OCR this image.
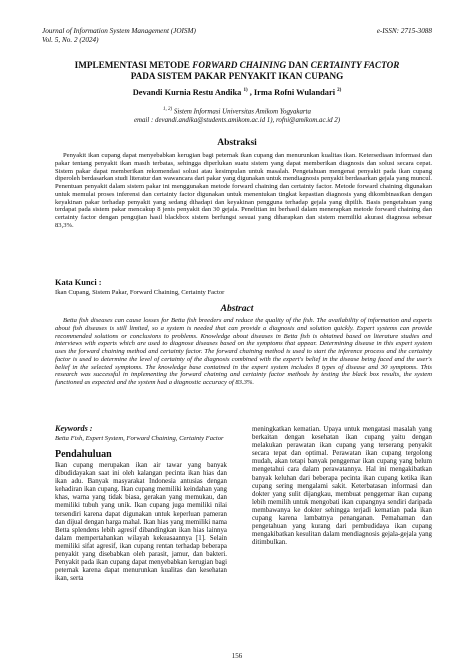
Journal of Information System Management (JOISM)
Vol. 5, No. 2 (2024)
e-ISSN: 2715-3088
IMPLEMENTASI METODE FORWARD CHAINING DAN CERTAINTY FACTOR
PADA SISTEM PAKAR PENYAKIT IKAN CUPANG
Devandi Kurnia Restu Andika $^{1)}$ , Irma Rofni Wulandari $^{2)}$
$^{1, 2)}$ Sistem Informasi Universitas Amikom Yogyakarta
email : devandi.andika@students.amikom.ac.id 1), rofni@amikom.ac.id 2)
Abstraksi
Penyakit ikan cupang dapat menyebabkan kerugian bagi peternak ikan cupang dan menurunkan kualitas ikan. Ketersediaan informasi dan pakar tentang penyakit ikan masih terbatas, sehingga diperlukan suatu sistem yang dapat memberikan diagnosis dan solusi secara cepat. Sistem pakar dapat memberikan rekomendasi solusi atau kesimpulan untuk masalah. Pengetahuan mengenai penyakit pada ikan cupang diperoleh berdasarkan studi literatur dan wawancara dari pakar yang digunakan untuk mendiagnosis penyakit berdasarkan gejala yang muncul. Penentuan penyakit dalam sistem pakar ini menggunakan metode forward chaining dan certainty factor. Metode forward chaining digunakan untuk memulai proses inferensi dan certainty factor digunakan untuk menentukan tingkat kepastian diagnosis yang dikombinasikan dengan keyakinan pakar terhadap penyakit yang sedang dihadapi dan keyakinan pengguna terhadap gejala yang dipilih. Basis pengetahuan yang terdapat pada sistem pakar mencakup 8 jenis penyakit dan 30 gejala. Penelitian ini berhasil dalam menerapkan metode forward chaining dan certainty factor dengan pengujian hasil blackbox sistem berfungsi sesuai yang diharapkan dan sistem memiliki akurasi diagnosa sebesar 83,3%.
Kata Kunci :
Ikan Cupang, Sistem Pakar, Forward Chaining, Certainty Factor
Abstract
Betta fish diseases can cause losses for Betta fish breeders and reduce the quality of the fish. The availability of information and experts about fish diseases is still limited, so a system is needed that can provide a diagnosis and solution quickly. Expert systems can provide recommended solutions or conclusions to problems. Knowledge about diseases in Betta fish is obtained based on literature studies and interviews with experts which are used to diagnose diseases based on the symptoms that appear. Determining disease in this expert system uses the forward chaining method and certainty factor. The forward chaining method is used to start the inference process and the certainty factor is used to determine the level of certainty of the diagnosis combined with the expert's belief in the disease being faced and the user's belief in the selected symptoms. The knowledge base contained in the expert system includes 8 types of disease and 30 symptoms. This research was successful in implementing the forward chaining and certainty factor methods by testing the black box results, the system functioned as expected and the system had a diagnostic accuracy of 83.3%.
Keywords :
Betta Fish, Expert System, Forward Chaining, Certainty Factor
Pendahuluan
Ikan cupang merupakan ikan air tawar yang banyak dibudidayakan saat ini oleh kalangan pecinta ikan hias dan ikan adu. Banyak masyarakat Indonesia antusias dengan kehadiran ikan cupang. Ikan cupang memiliki keindahan yang khas, warna yang tidak biasa, gerakan yang memukau, dan memiliki tubuh yang unik. Ikan cupang juga memiliki nilai tersendiri karena dapat digunakan untuk keperluan pameran dan dijual dengan harga mahal. Ikan hias yang memiliki nama Betta splendens lebih agresif dibandingkan ikan hias lainnya dalam mempertahankan wilayah kekuasaannya [1]. Selain memiliki sifat agresif, ikan cupang rentan terhadap beberapa penyakit yang disebabkan oleh parasit, jamur, dan bakteri. Penyakit pada ikan cupang dapat menyebabkan kerugian bagi peternak karena dapat menurunkan kualitas dan kesehatan ikan, serta
meningkatkan kematian. Upaya untuk mengatasi masalah yang berkaitan dengan kesehatan ikan cupang yaitu dengan melakukan perawatan ikan cupang yang terserang penyakit secara tepat dan optimal. Perawatan ikan cupang tergolong mudah, akan tetapi banyak penggemar ikan cupang yang belum mengetahui cara dalam perawatannya. Hal ini mengakibatkan banyak keluhan dari beberapa pecinta ikan cupang ketika ikan cupang sering mengalami sakit. Keterbatasan informasi dan dokter yang sulit dijangkau, membuat penggemar ikan cupang lebih memilih untuk mengobati ikan cupangnya sendiri daripada membawanya ke dokter sehingga terjadi kematian pada ikan cupang karena lambatnya penanganan. Pemahaman dan pengetahuan yang kurang dari pembudidaya ikan cupang mengakibatkan kesulitan dalam mendiagnosis gejala-gejala yang ditimbulkan.
156
